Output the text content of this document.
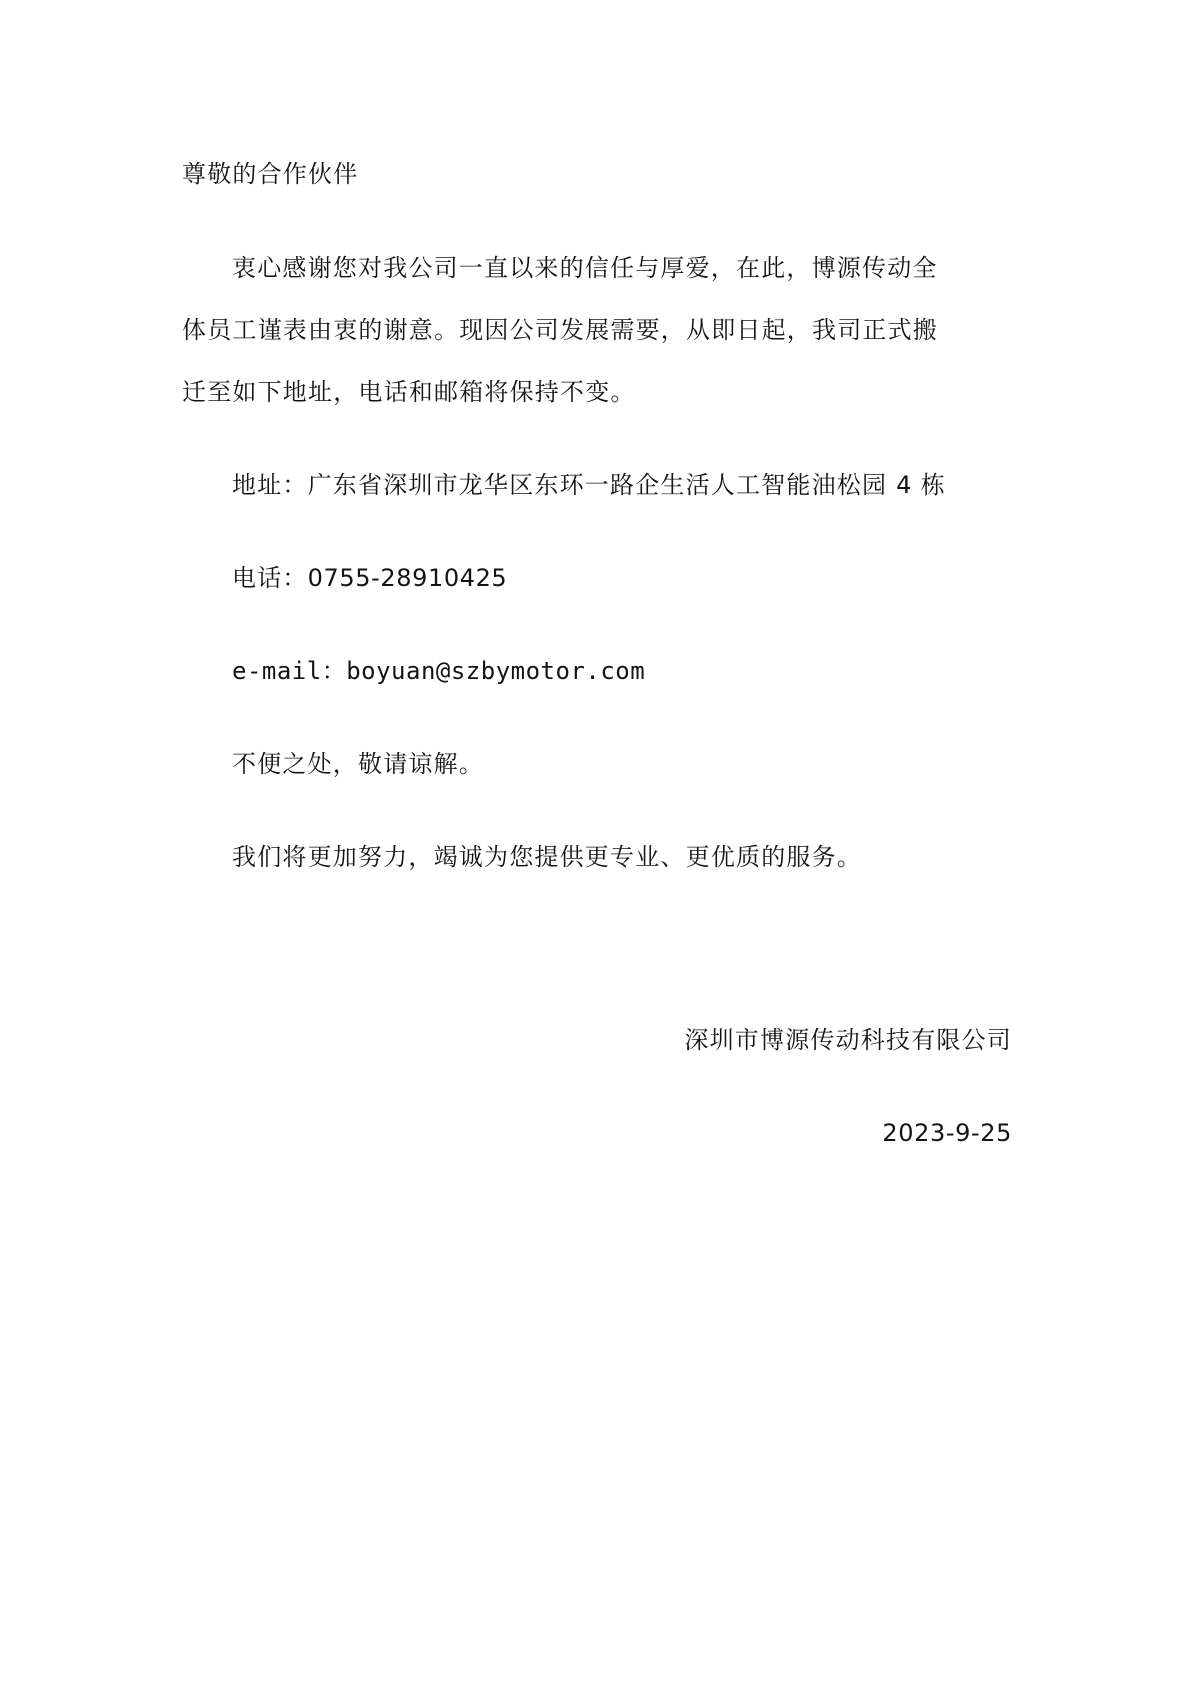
尊敬的合作伙伴

衷心感谢您对我公司一直以来的信任与厚爱，在此，博源传动全

体员工谨表由衷的谢意。现因公司发展需要，从即日起，我司正式搬

迁至如下地址，电话和邮箱将保持不变。

地址：广东省深圳市龙华区东环一路企生活人工智能油松园 4 栋

电话：0755-28910425

e-mail：boyuan@szbymotor.com

不便之处，敬请谅解。

我们将更加努力，竭诚为您提供更专业、更优质的服务。

深圳市博源传动科技有限公司

2023-9-25
